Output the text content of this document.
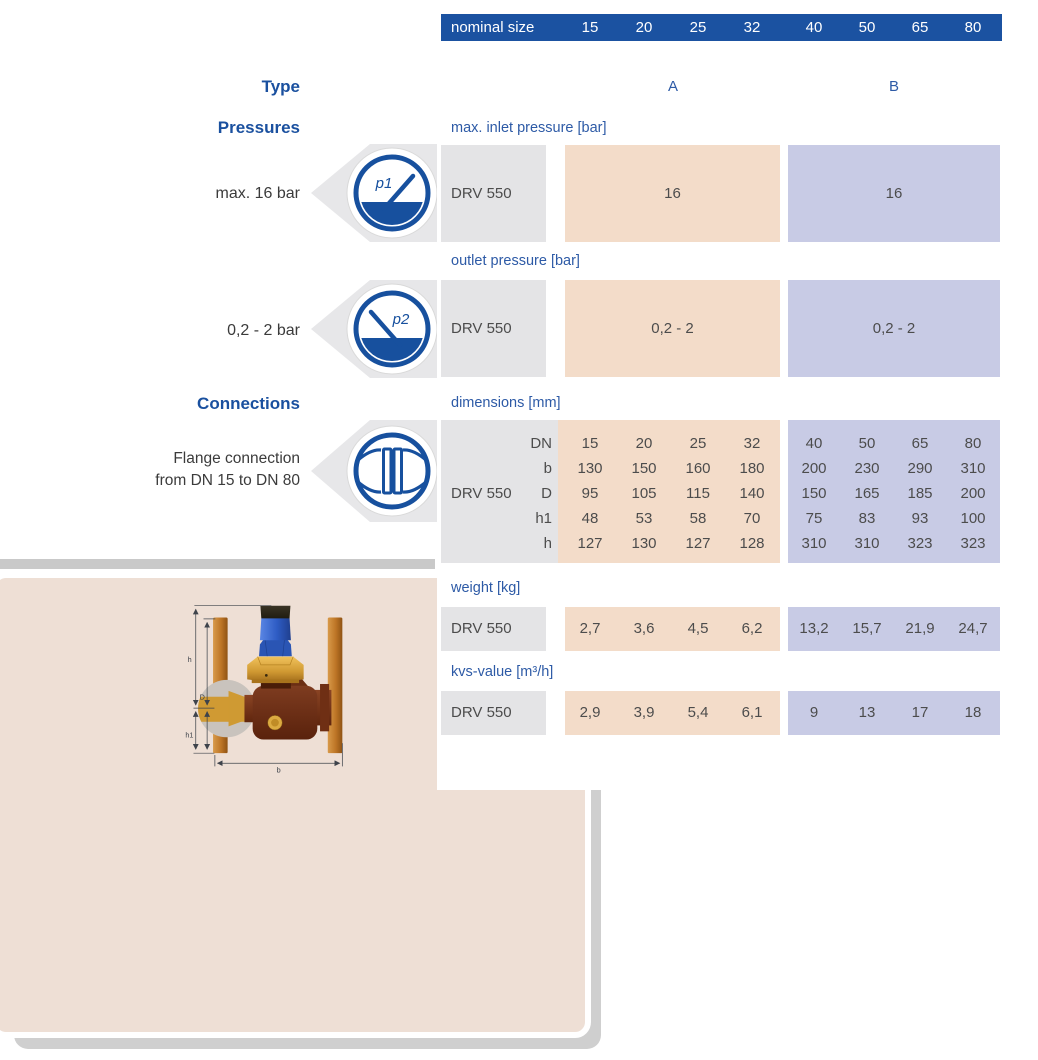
h
D
h1
b
nominal size	15	20	25	32	40	50	65	80
Type	A	B
Pressures
max. 16 bar
0,2 - 2 bar
Connections
Flange connection
from DN 15 to DN 80
p1
p2
max. inlet pressure [bar]
outlet pressure [bar]
dimensions [mm]
weight [kg]
kvs-value [m³/h]
DRV 550	16	16
DRV 550	0,2 - 2	0,2 - 2
DRV 550
DN	15	20	25	32	40	50	65	80
b	130	150	160	180	200	230	290	310
D	95	105	115	140	150	165	185	200
h1	48	53	58	70	75	83	93	100
h	127	130	127	128	310	310	323	323
DRV 550	2,7	3,6	4,5	6,2	13,2	15,7	21,9	24,7
DRV 550	2,9	3,9	5,4	6,1	9	13	17	18
